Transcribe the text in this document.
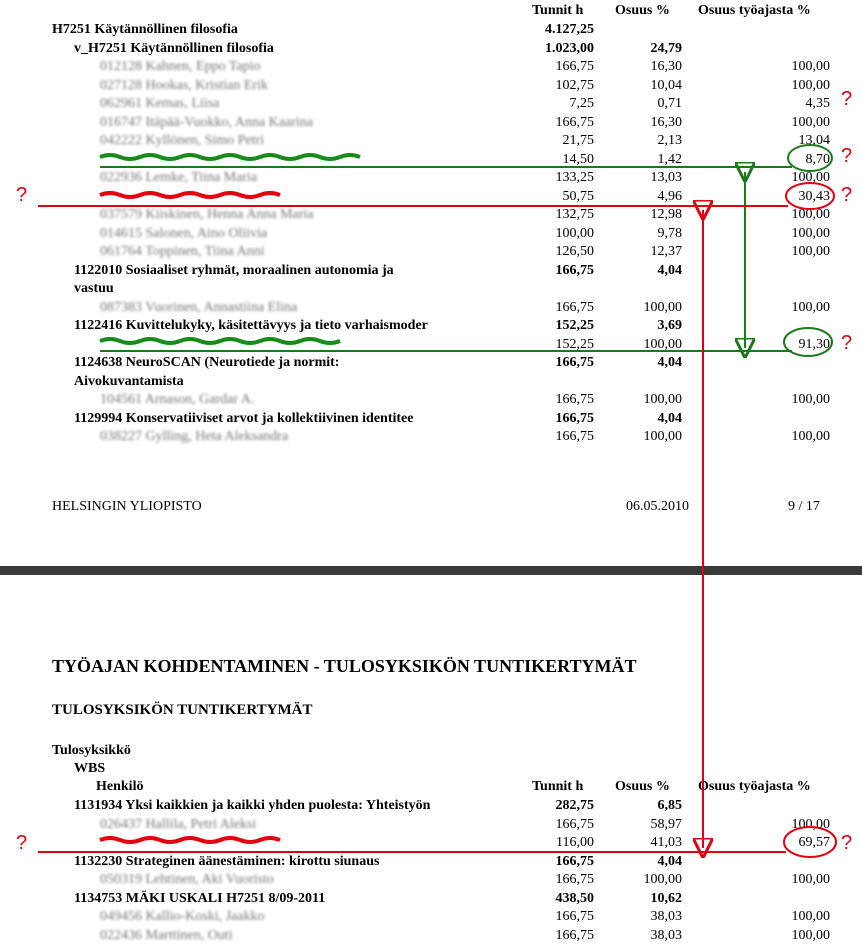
Tunnit h Osuus % Osuus työajasta %
H7251 Käytännöllinen filosofia	4.127,25
v_H7251 Käytännöllinen filosofia	1.023,00	24,79
012128 Kahnen, Eppo Tapio	166,75	16,30	100,00
027128 Hookas, Kristian Erik	102,75	10,04	100,00
062961 Kemas, Liisa	7,25	0,71	4,35
016747 Itäpää-Vuokko, Anna Kaarina	166,75	16,30	100,00
042222 Kyllönen, Simo Petri	21,75	2,13	13,04
14,50	1,42	8,70
022936 Lemke, Tiina Maria	133,25	13,03	100,00
50,75	4,96	30,43
037579 Kiiskinen, Henna Anna Maria	132,75	12,98	100,00
014615 Salonen, Aino Oliivia	100,00	9,78	100,00
061764 Toppinen, Tiina Anni	126,50	12,37	100,00
1122010 Sosiaaliset ryhmät, moraalinen autonomia ja	166,75	4,04
vastuu
087383 Vuorinen, Annastiina Elina	166,75	100,00	100,00
1122416 Kuvittelukyky, käsitettävyys ja tieto varhaismoder	152,25	3,69
152,25	100,00	91,30
1124638 NeuroSCAN (Neurotiede ja normit:	166,75	4,04
Aivokuvantamista
104561 Arnason, Gardar A.	166,75	100,00	100,00
1129994 Konservatiiviset arvot ja kollektiivinen identitee	166,75	4,04
038227 Gylling, Heta Aleksandra	166,75	100,00	100,00
HELSINGIN YLIOPISTO	06.05.2010	9 / 17
TYÖAJAN KOHDENTAMINEN - TULOSYKSIKÖN TUNTIKERTYMÄT
TULOSYKSIKÖN TUNTIKERTYMÄT
Tulosyksikkö
WBS
Henkilö	Tunnit h Osuus % Osuus työajasta %
1131934 Yksi kaikkien ja kaikki yhden puolesta: Yhteistyön	282,75	6,85
026437 Hallila, Petri Aleksi	166,75	58,97	100,00
116,00	41,03	69,57
1132230 Strateginen äänestäminen: kirottu siunaus	166,75	4,04
050319 Lehtinen, Aki Vuoristo	166,75	100,00	100,00
1134753 MÄKI USKALI H7251 8/09-2011	438,50	10,62
049456 Kallio-Koski, Jaakko	166,75	38,03	100,00
022436 Marttinen, Outi	166,75	38,03	100,00
?
?
?
?
?
?	?
